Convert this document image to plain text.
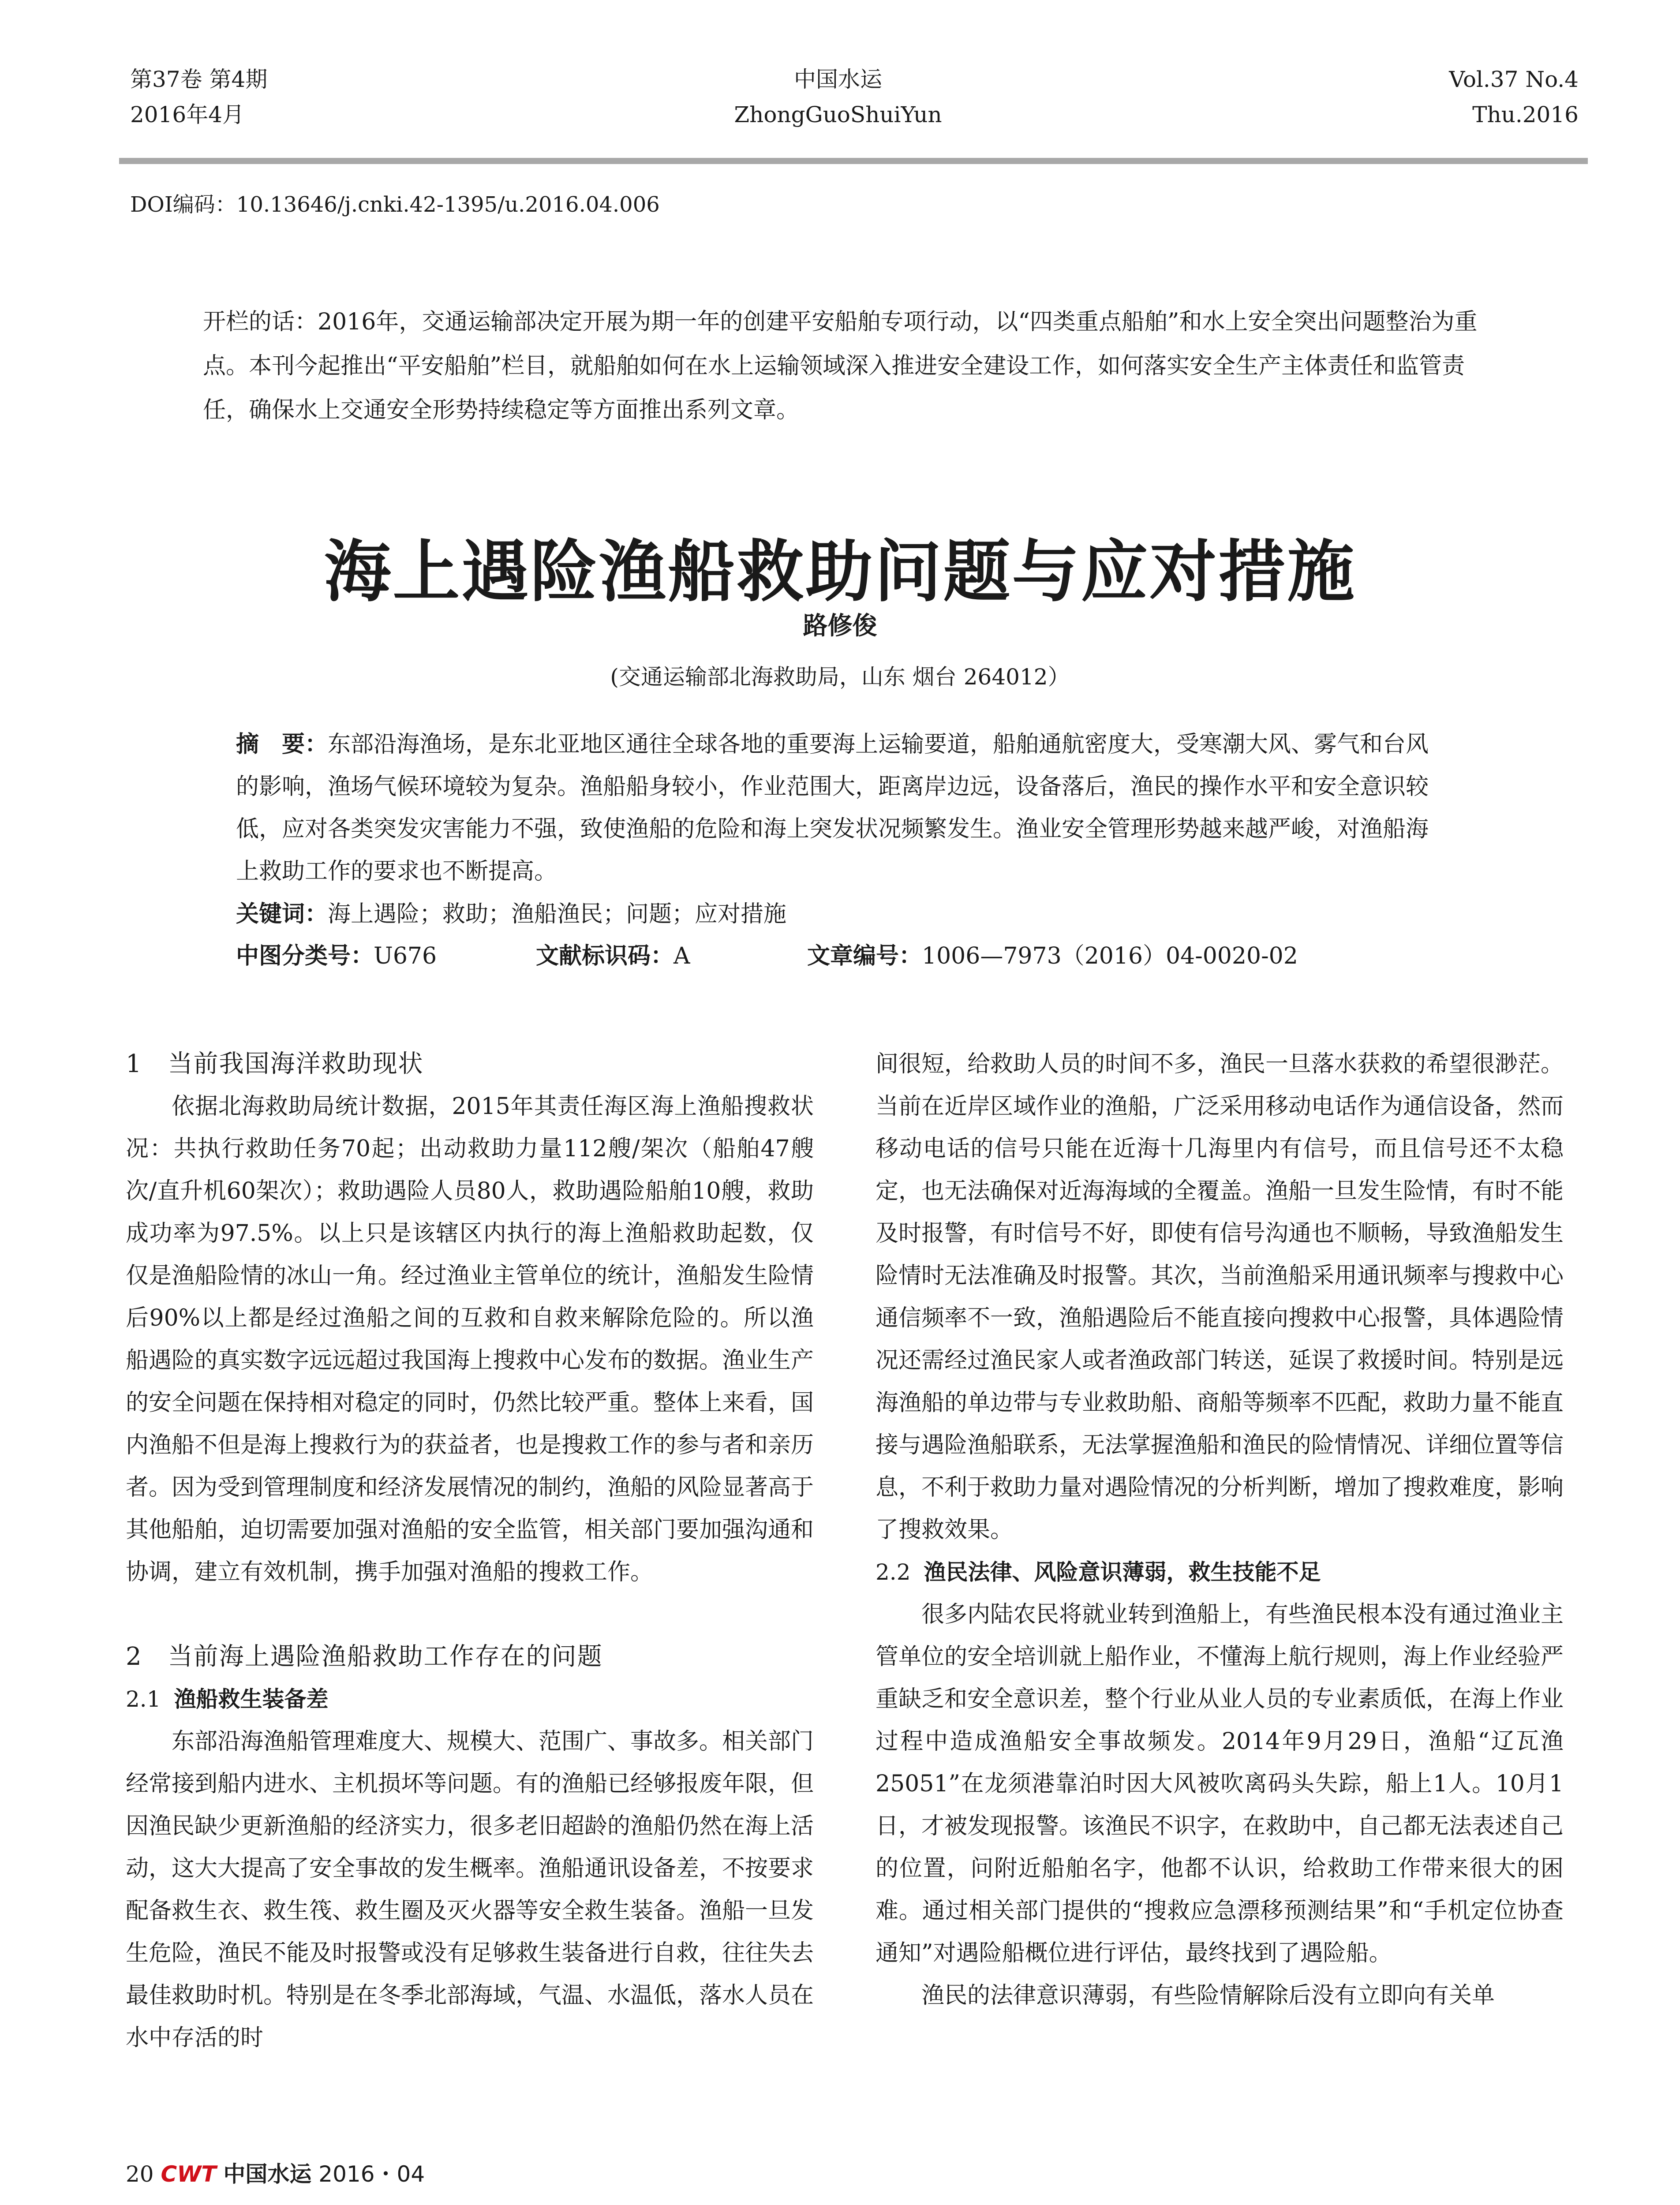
第37卷 第4期
2016年4月
中国水运
ZhongGuoShuiYun
Vol.37 No.4
Thu.2016
DOI编码：10.13646/j.cnki.42-1395/u.2016.04.006
开栏的话：2016年，交通运输部决定开展为期一年的创建平安船舶专项行动，以“四类重点船舶”和水上安全突出问题整治为重点。本刊今起推出“平安船舶”栏目，就船舶如何在水上运输领域深入推进安全建设工作，如何落实安全生产主体责任和监管责任，确保水上交通安全形势持续稳定等方面推出系列文章。
海上遇险渔船救助问题与应对措施
路修俊
(交通运输部北海救助局，山东 烟台 264012）
摘　要：东部沿海渔场，是东北亚地区通往全球各地的重要海上运输要道，船舶通航密度大，受寒潮大风、雾气和台风的影响，渔场气候环境较为复杂。渔船船身较小，作业范围大，距离岸边远，设备落后，渔民的操作水平和安全意识较低，应对各类突发灾害能力不强，致使渔船的危险和海上突发状况频繁发生。渔业安全管理形势越来越严峻，对渔船海上救助工作的要求也不断提高。
关键词：海上遇险；救助；渔船渔民；问题；应对措施
中图分类号：U676	文献标识码：A	文章编号：1006—7973（2016）04-0020-02
1　当前我国海洋救助现状

依据北海救助局统计数据，2015年其责任海区海上渔船搜救状况：共执行救助任务70起；出动救助力量112艘/架次（船舶47艘次/直升机60架次）；救助遇险人员80人，救助遇险船舶10艘，救助成功率为97.5%。以上只是该辖区内执行的海上渔船救助起数，仅仅是渔船险情的冰山一角。经过渔业主管单位的统计，渔船发生险情后90%以上都是经过渔船之间的互救和自救来解除危险的。所以渔船遇险的真实数字远远超过我国海上搜救中心发布的数据。渔业生产的安全问题在保持相对稳定的同时，仍然比较严重。整体上来看，国内渔船不但是海上搜救行为的获益者，也是搜救工作的参与者和亲历者。因为受到管理制度和经济发展情况的制约，渔船的风险显著高于其他船舶，迫切需要加强对渔船的安全监管，相关部门要加强沟通和协调，建立有效机制，携手加强对渔船的搜救工作。

2　当前海上遇险渔船救助工作存在的问题
2.1 渔船救生装备差

东部沿海渔船管理难度大、规模大、范围广、事故多。相关部门经常接到船内进水、主机损坏等问题。有的渔船已经够报废年限，但因渔民缺少更新渔船的经济实力，很多老旧超龄的渔船仍然在海上活动，这大大提高了安全事故的发生概率。渔船通讯设备差，不按要求配备救生衣、救生筏、救生圈及灭火器等安全救生装备。渔船一旦发生危险，渔民不能及时报警或没有足够救生装备进行自救，往往失去最佳救助时机。特别是在冬季北部海域，气温、水温低，落水人员在水中存活的时

间很短，给救助人员的时间不多，渔民一旦落水获救的希望很渺茫。当前在近岸区域作业的渔船，广泛采用移动电话作为通信设备，然而移动电话的信号只能在近海十几海里内有信号，而且信号还不太稳定，也无法确保对近海海域的全覆盖。渔船一旦发生险情，有时不能及时报警，有时信号不好，即使有信号沟通也不顺畅，导致渔船发生险情时无法准确及时报警。其次，当前渔船采用通讯频率与搜救中心通信频率不一致，渔船遇险后不能直接向搜救中心报警，具体遇险情况还需经过渔民家人或者渔政部门转送，延误了救援时间。特别是远海渔船的单边带与专业救助船、商船等频率不匹配，救助力量不能直接与遇险渔船联系，无法掌握渔船和渔民的险情情况、详细位置等信息，不利于救助力量对遇险情况的分析判断，增加了搜救难度，影响了搜救效果。

2.2 渔民法律、风险意识薄弱，救生技能不足

很多内陆农民将就业转到渔船上，有些渔民根本没有通过渔业主管单位的安全培训就上船作业，不懂海上航行规则，海上作业经验严重缺乏和安全意识差，整个行业从业人员的专业素质低，在海上作业过程中造成渔船安全事故频发。2014年9月29日，渔船“辽瓦渔25051”在龙须港靠泊时因大风被吹离码头失踪，船上1人。10月1日，才被发现报警。该渔民不识字，在救助中，自己都无法表述自己的位置，问附近船舶名字，他都不认识，给救助工作带来很大的困难。通过相关部门提供的“搜救应急漂移预测结果”和“手机定位协查通知”对遇险船概位进行评估，最终找到了遇险船。

渔民的法律意识薄弱，有些险情解除后没有立即向有关单

20 CWT 中国水运 2016・04
